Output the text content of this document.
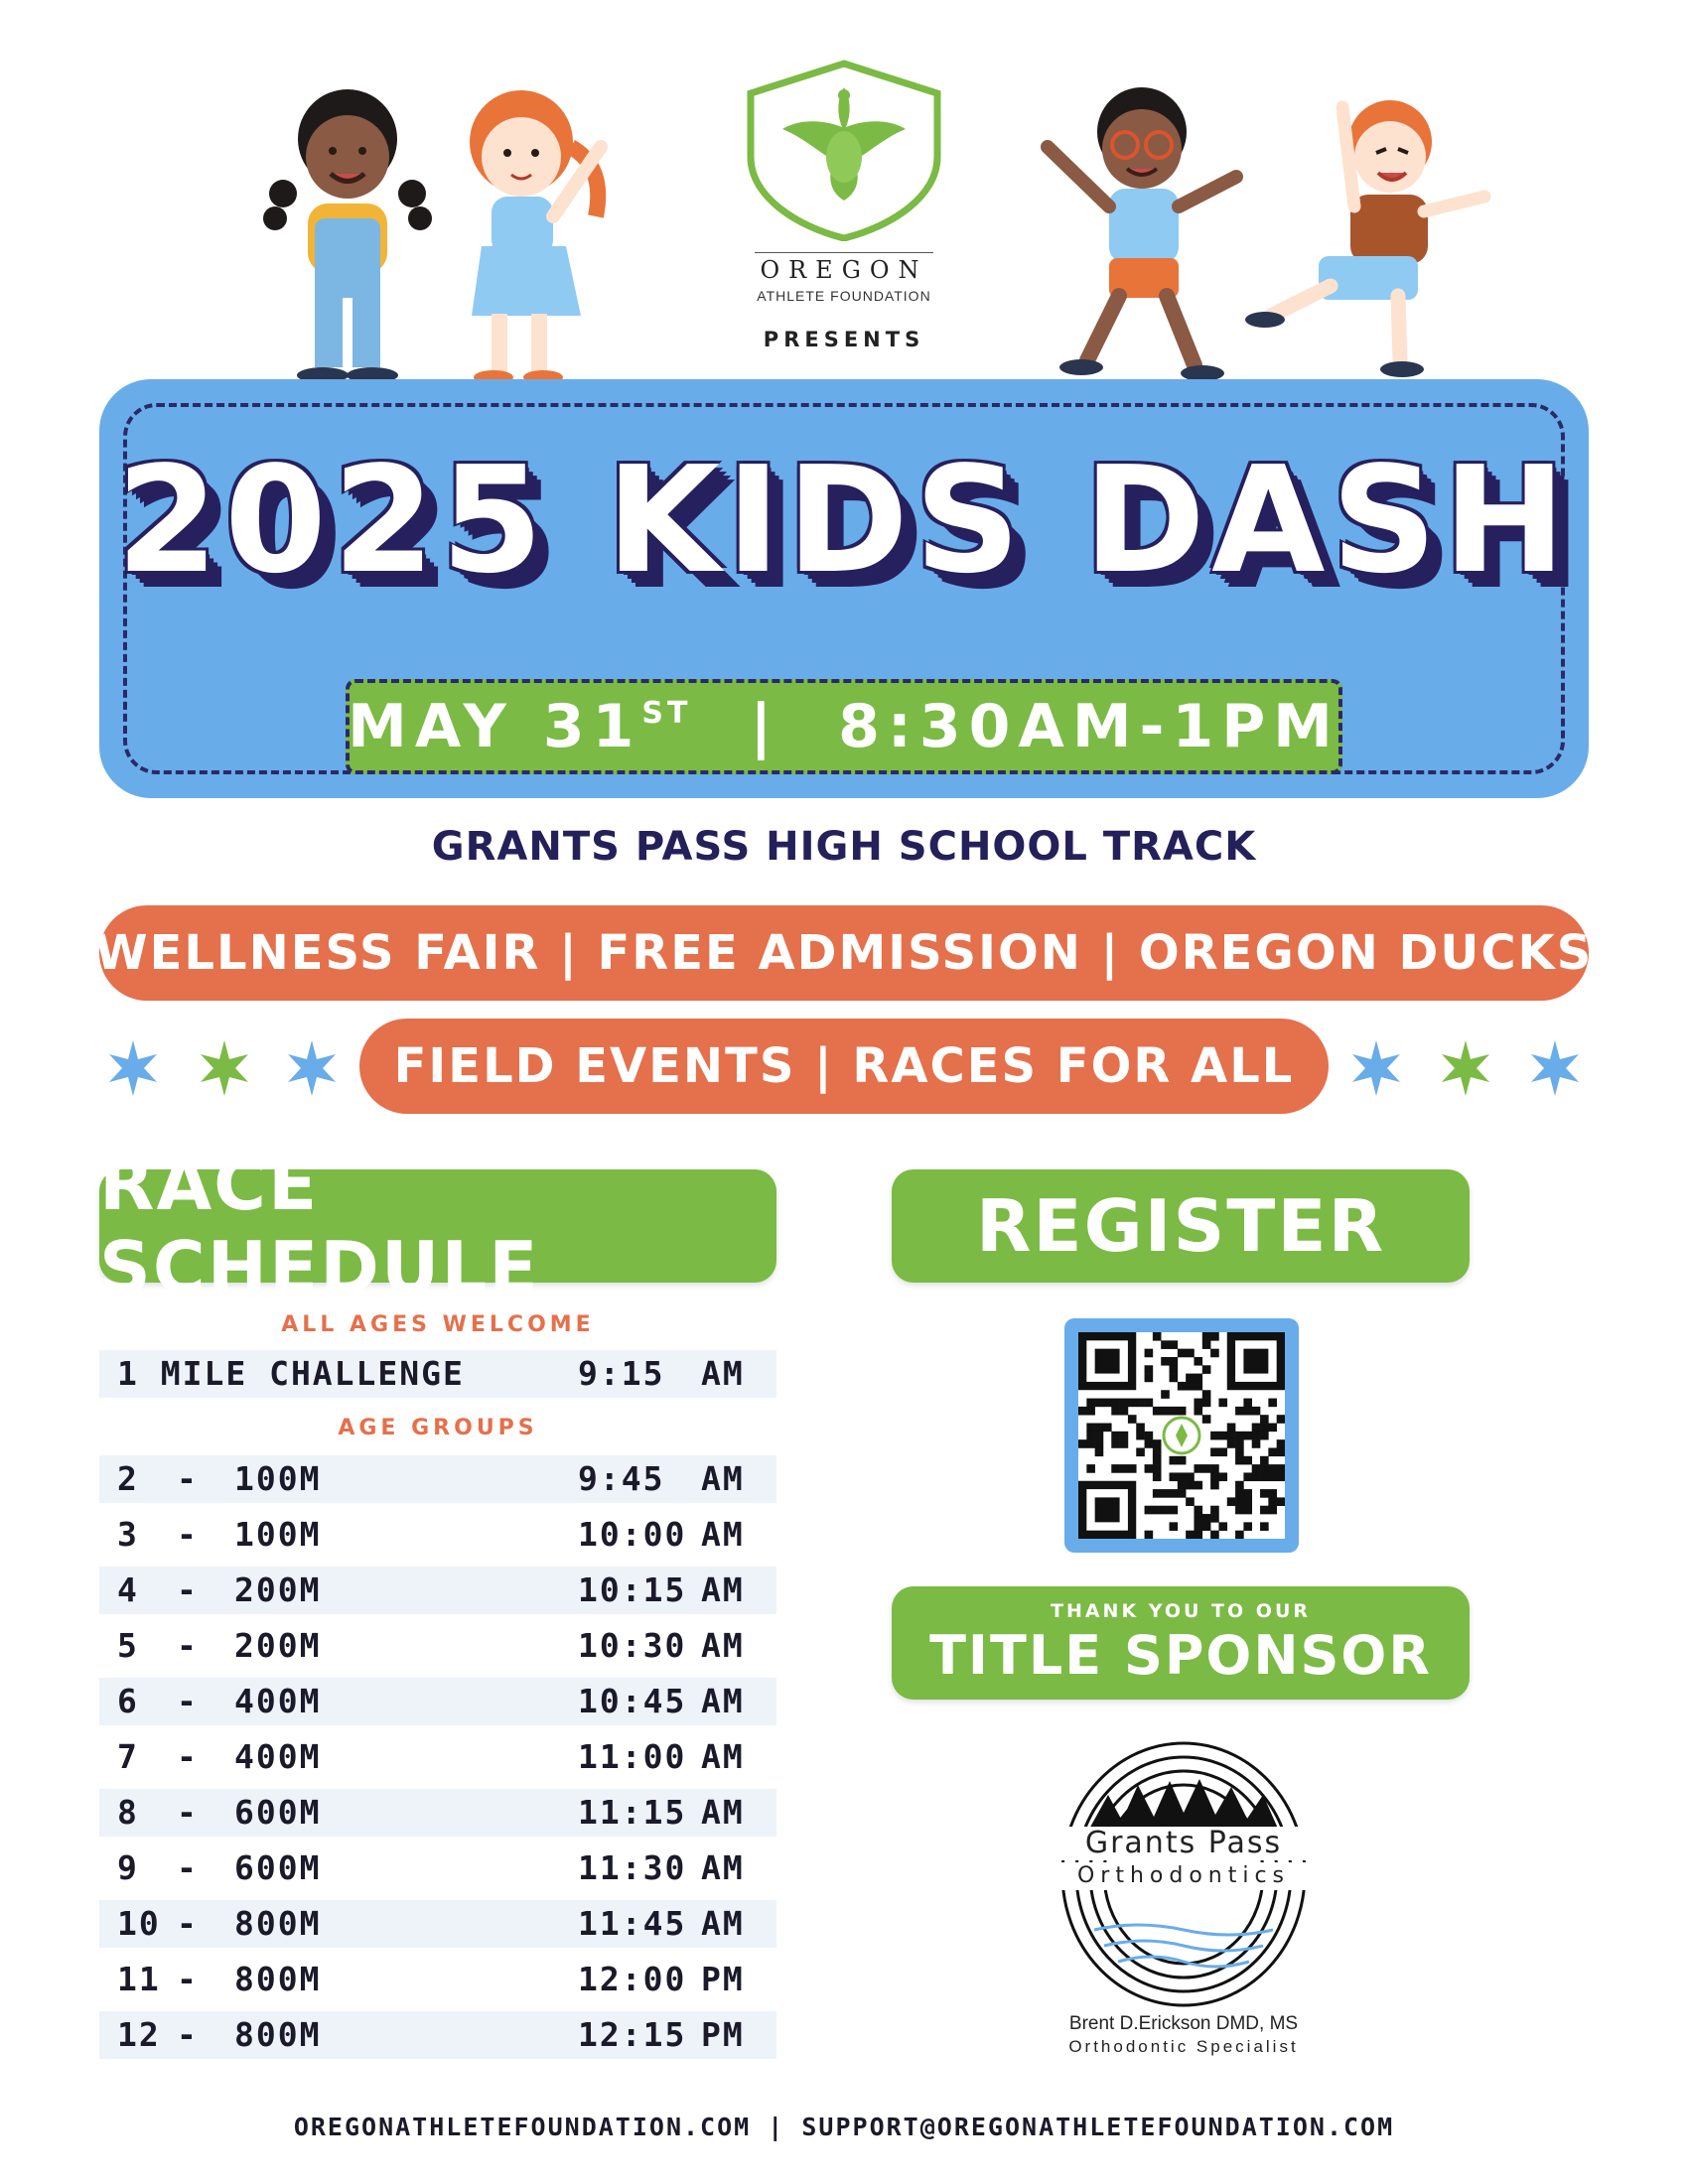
OREGON
ATHLETE FOUNDATION
PRESENTS
2025 KIDS DASH
MAY 31ST | 8:30AM-1PM
GRANTS PASS HIGH SCHOOL TRACK
WELLNESS FAIR | FREE ADMISSION | OREGON DUCKS
FIELD EVENTS | RACES FOR ALL
RACE SCHEDULE
ALL AGES WELCOME
1 MILE CHALLENGE	9:15 AM
AGE GROUPS
2 - 100M	9:45 AM
3 - 100M	10:00 AM
4 - 200M	10:15 AM
5 - 200M	10:30 AM
6 - 400M	10:45 AM
7 - 400M	11:00 AM
8 - 600M	11:15 AM
9 - 600M	11:30 AM
10 - 800M	11:45 AM
11 - 800M	12:00 PM
12 - 800M	12:15 PM
REGISTER
THANK YOU TO OUR
TITLE SPONSOR
Grants Pass
Orthodontics
Brent D.Erickson DMD, MS
Orthodontic Specialist
OREGONATHLETEFOUNDATION.COM | SUPPORT@OREGONATHLETEFOUNDATION.COM
